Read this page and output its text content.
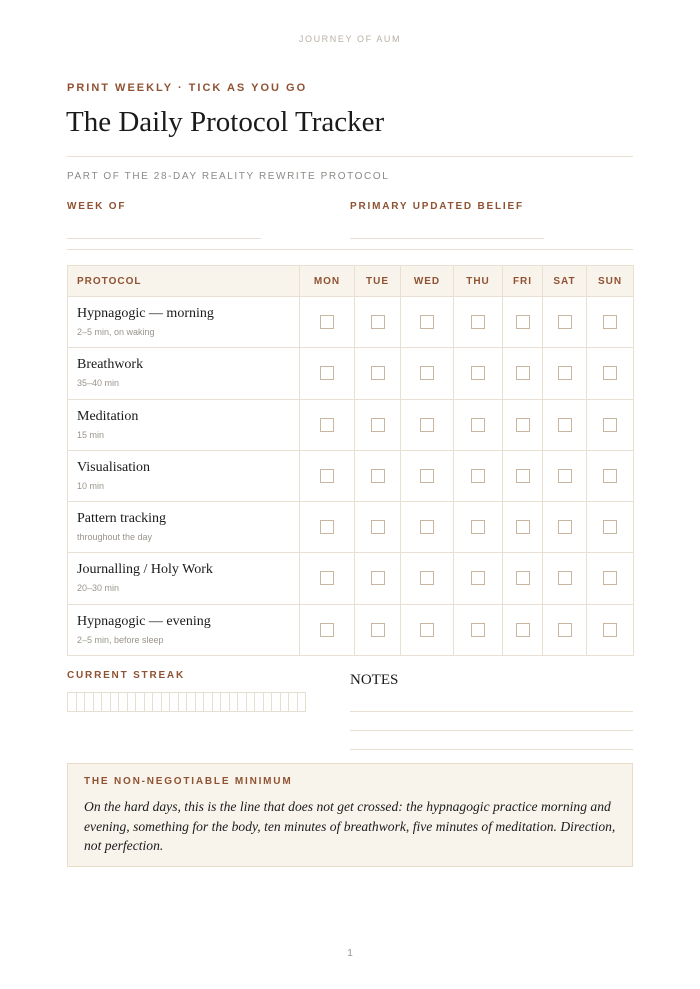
JOURNEY OF AUM
PRINT WEEKLY · TICK AS YOU GO
The Daily Protocol Tracker
PART OF THE 28-DAY REALITY REWRITE PROTOCOL
WEEK OF	PRIMARY UPDATED BELIEF
PROTOCOL	MON	TUE	WED	THU	FRI	SAT	SUN

Hypnagogic — morning
2–5 min, on waking							

Breathwork
35–40 min							

Meditation
15 min							

Visualisation
10 min							

Pattern tracking
throughout the day							

Journalling / Holy Work
20–30 min							

Hypnagogic — evening
2–5 min, before sleep							

CURRENT STREAK	NOTES
THE NON-NEGOTIABLE MINIMUM
On the hard days, this is the line that does not get crossed: the hypnagogic practice morning and evening, something for the body, ten minutes of breathwork, five minutes of meditation. Direction, not perfection.
1
